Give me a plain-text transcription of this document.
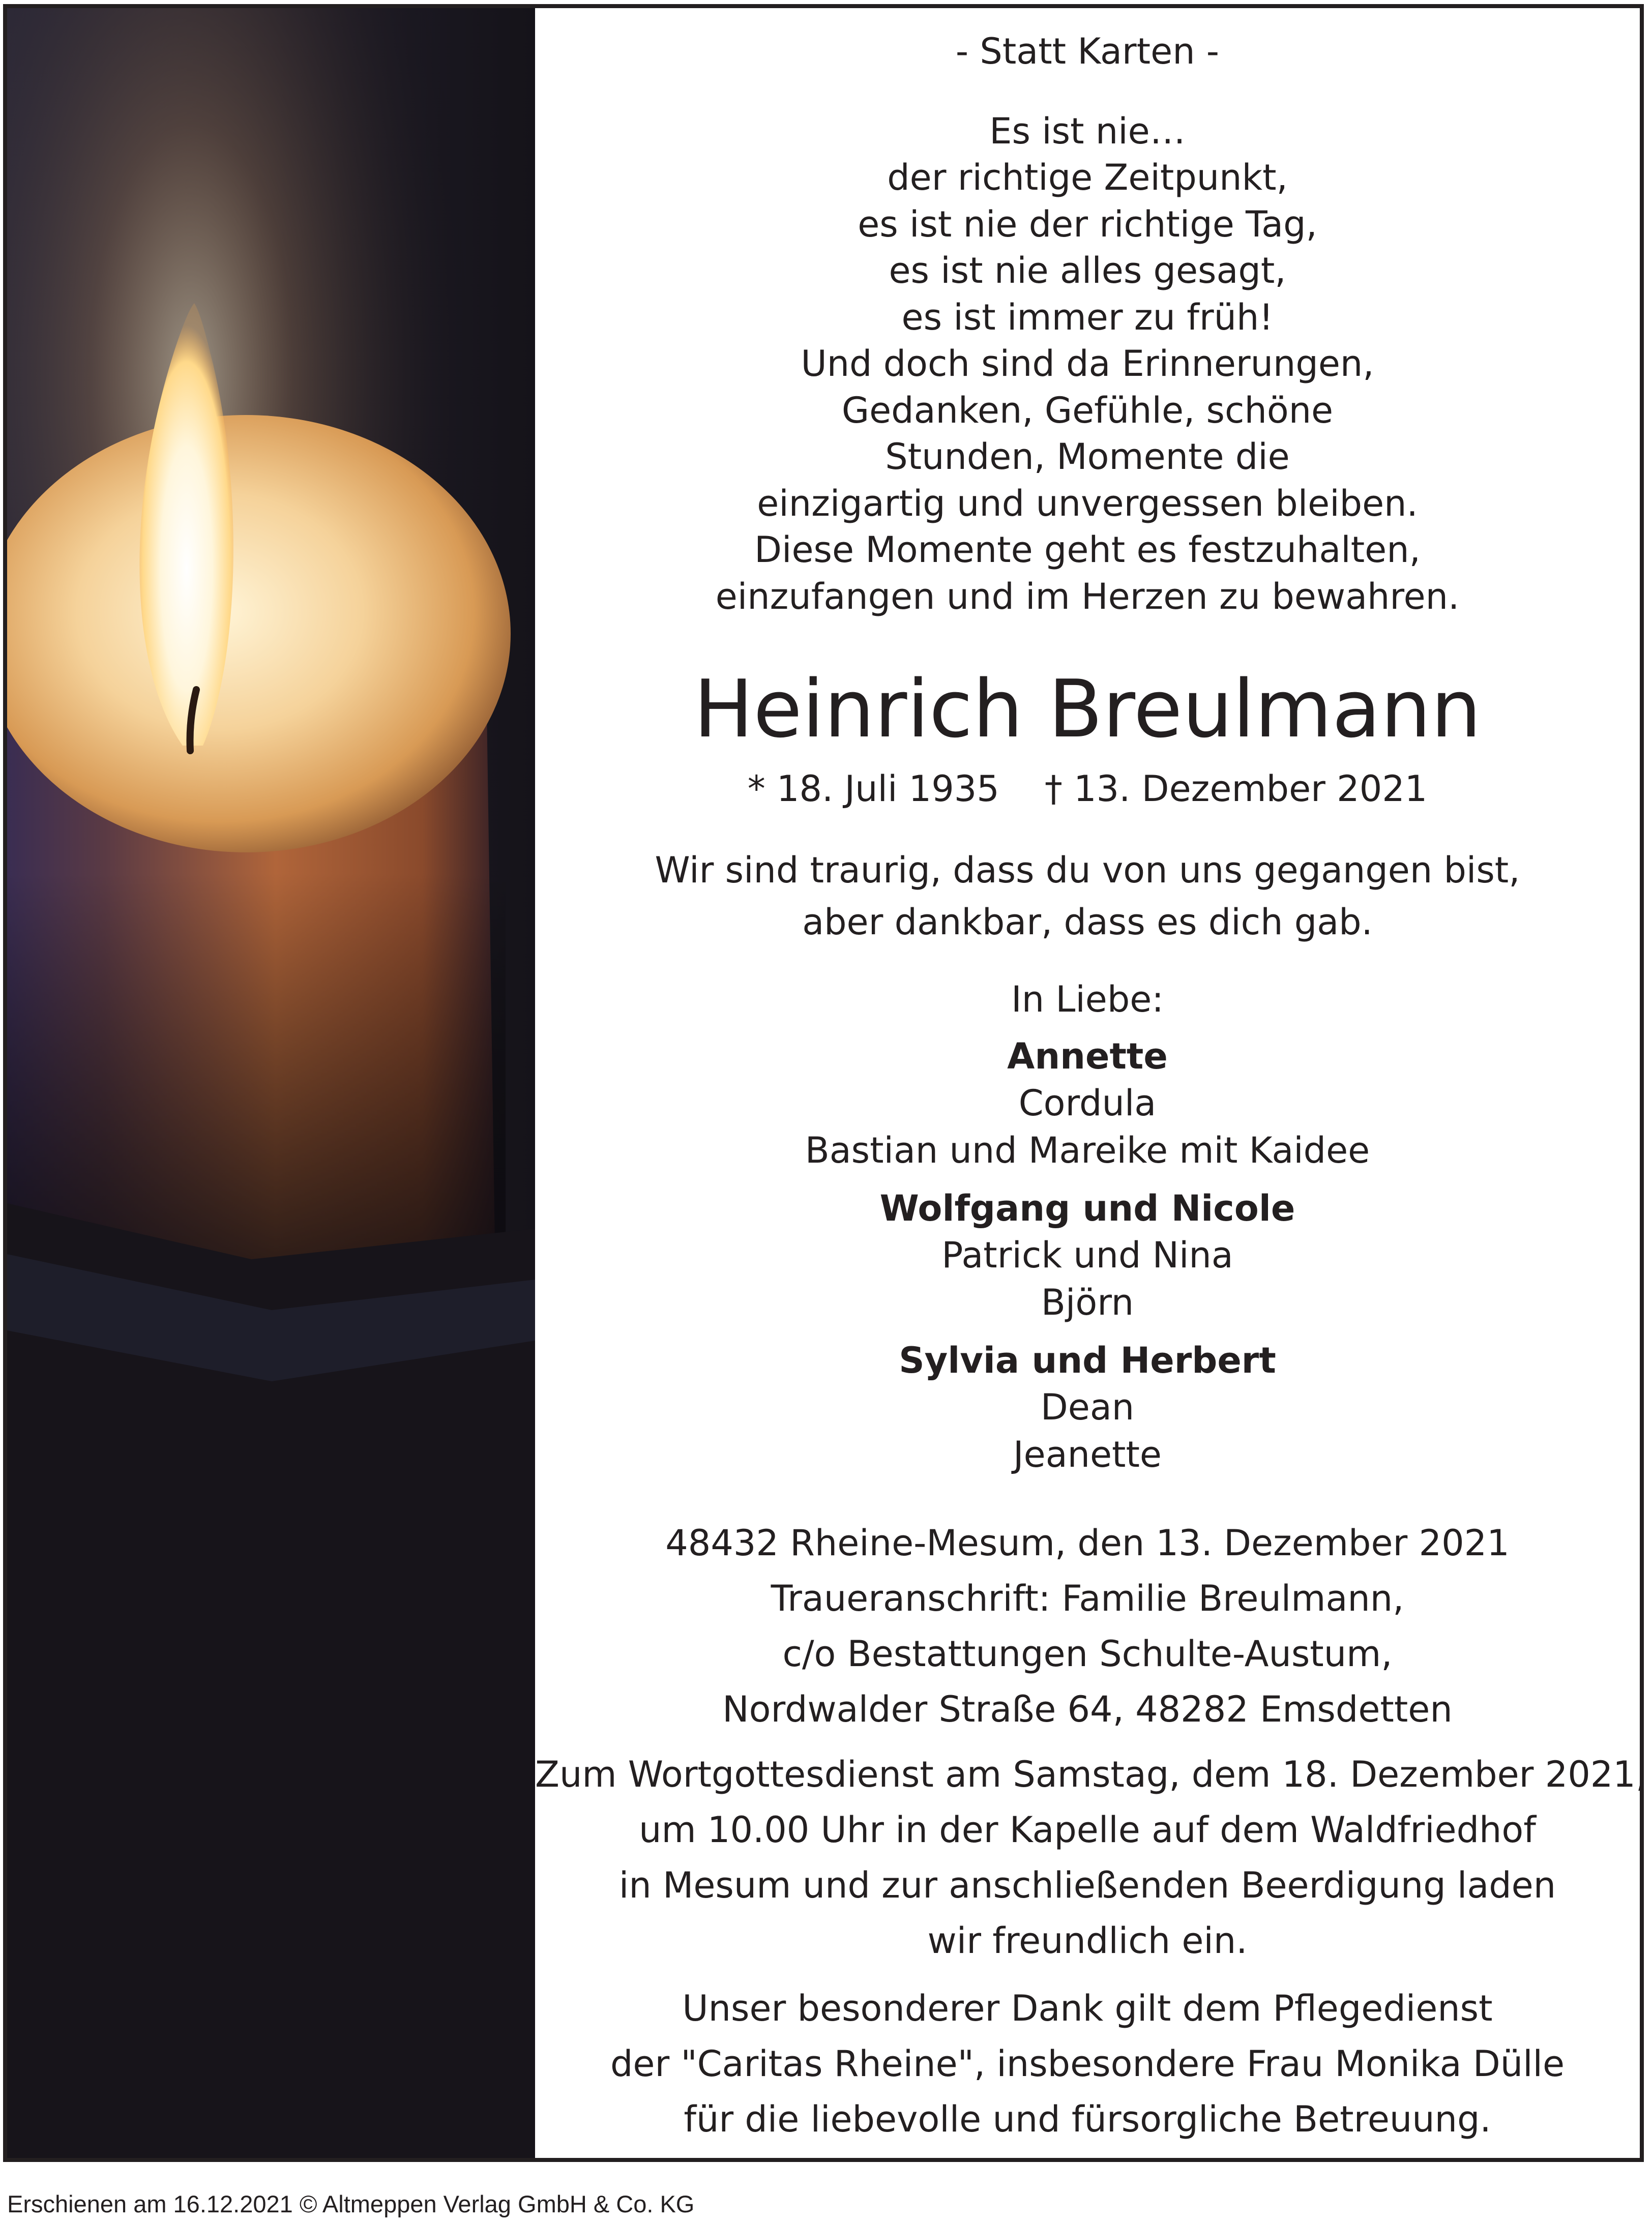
- Statt Karten -
Es ist nie…
der richtige Zeitpunkt,
es ist nie der richtige Tag,
es ist nie alles gesagt,
es ist immer zu früh!
Und doch sind da Erinnerungen,
Gedanken, Gefühle, schöne
Stunden, Momente die
einzigartig und unvergessen bleiben.
Diese Momente geht es festzuhalten,
einzufangen und im Herzen zu bewahren.
Heinrich Breulmann
* 18. Juli 1935 † 13. Dezember 2021
Wir sind traurig, dass du von uns gegangen bist,
aber dankbar, dass es dich gab.
In Liebe:
Annette
Cordula
Bastian und Mareike mit Kaidee
Wolfgang und Nicole
Patrick und Nina
Björn
Sylvia und Herbert
Dean
Jeanette
48432 Rheine-Mesum, den 13. Dezember 2021
Traueranschrift: Familie Breulmann,
c/o Bestattungen Schulte-Austum,
Nordwalder Straße 64, 48282 Emsdetten
Zum Wortgottesdienst am Samstag, dem 18. Dezember 2021,
um 10.00 Uhr in der Kapelle auf dem Waldfriedhof
in Mesum und zur anschließenden Beerdigung laden
wir freundlich ein.
Unser besonderer Dank gilt dem Pflegedienst
der "Caritas Rheine", insbesondere Frau Monika Dülle
für die liebevolle und fürsorgliche Betreuung.
Erschienen am 16.12.2021 © Altmeppen Verlag GmbH & Co. KG
